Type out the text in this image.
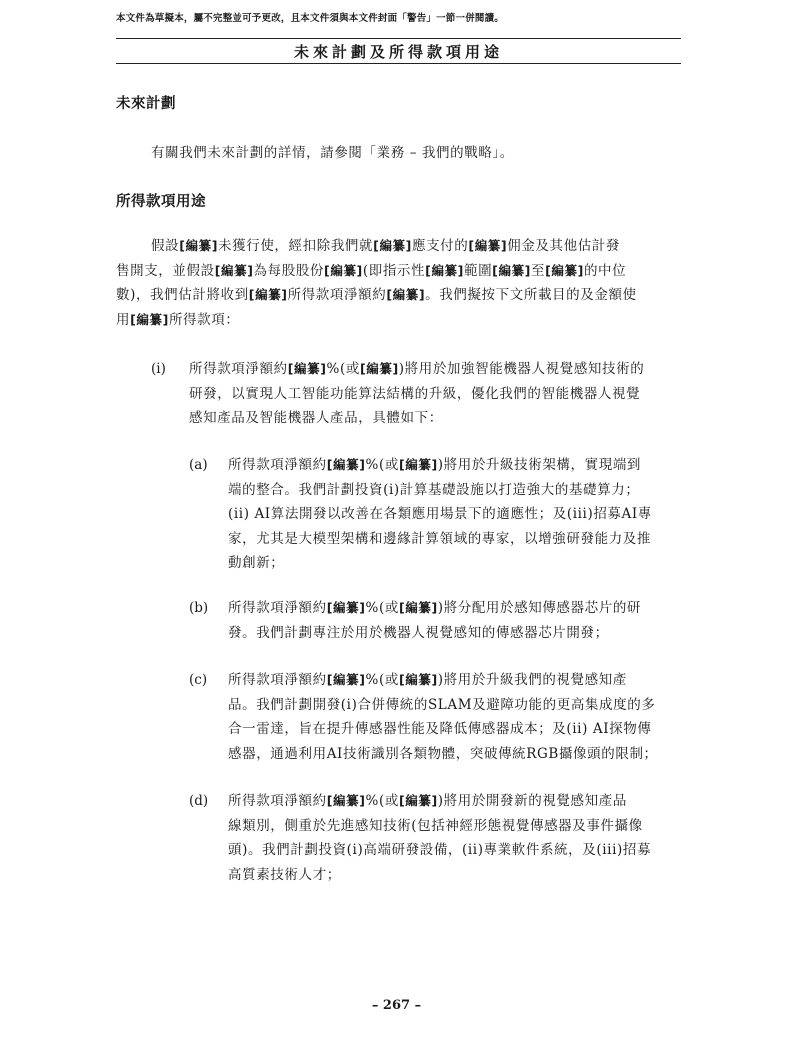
本文件為草擬本，屬不完整並可予更改，且本文件須與本文件封面「警告」一節一併閱讀。
未來計劃及所得款項用途
未來計劃
有關我們未來計劃的詳情，請參閱「業務 – 我們的戰略」。
所得款項用途
假設[編纂]未獲行使，經扣除我們就[編纂]應支付的[編纂]佣金及其他估計發
售開支，並假設[編纂]為每股股份[編纂](即指示性[編纂]範圍[編纂]至[編纂]的中位
數)，我們估計將收到[編纂]所得款項淨額約[編纂]。我們擬按下文所載目的及金額使
用[編纂]所得款項：
(i) 所得款項淨額約[編纂]%(或[編纂])將用於加強智能機器人視覺感知技術的
研發，以實現人工智能功能算法結構的升級，優化我們的智能機器人視覺
感知產品及智能機器人產品，具體如下：
(a) 所得款項淨額約[編纂]%(或[編纂])將用於升級技術架構，實現端到
端的整合。我們計劃投資(i)計算基礎設施以打造強大的基礎算力；
(ii) AI算法開發以改善在各類應用場景下的適應性；及(iii)招募AI專
家，尤其是大模型架構和邊緣計算領域的專家，以增強研發能力及推
動創新；
(b) 所得款項淨額約[編纂]%(或[編纂])將分配用於感知傳感器芯片的研
發。我們計劃專注於用於機器人視覺感知的傳感器芯片開發；
(c) 所得款項淨額約[編纂]%(或[編纂])將用於升級我們的視覺感知產
品。我們計劃開發(i)合併傳統的SLAM及避障功能的更高集成度的多
合一雷達，旨在提升傳感器性能及降低傳感器成本；及(ii) AI探物傳
感器，通過利用AI技術識別各類物體，突破傳統RGB攝像頭的限制；
(d) 所得款項淨額約[編纂]%(或[編纂])將用於開發新的視覺感知產品
線類別，側重於先進感知技術(包括神經形態視覺傳感器及事件攝像
頭)。我們計劃投資(i)高端研發設備，(ii)專業軟件系統，及(iii)招募
高質素技術人才；
– 267 –
